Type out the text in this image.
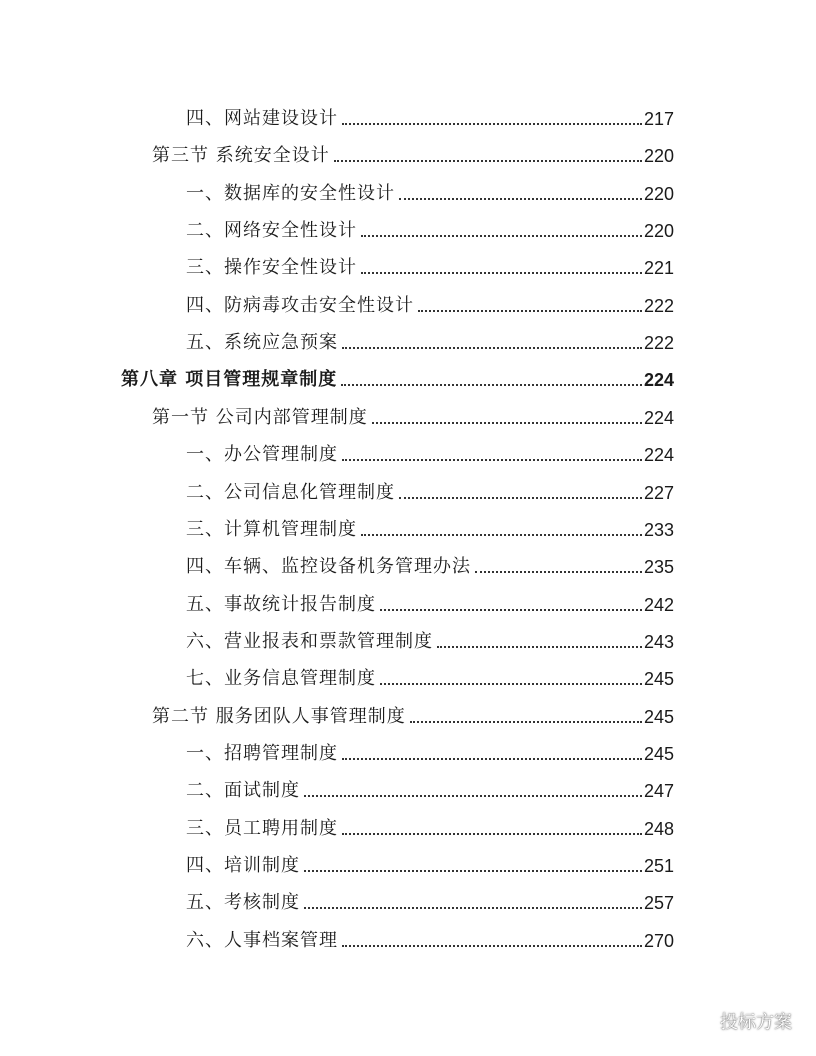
四、网站建设设计	217
第三节 系统安全设计	220
一、数据库的安全性设计	220
二、网络安全性设计	220
三、操作安全性设计	221
四、防病毒攻击安全性设计	222
五、系统应急预案	222
第八章 项目管理规章制度	224
第一节 公司内部管理制度	224
一、办公管理制度	224
二、公司信息化管理制度	227
三、计算机管理制度	233
四、车辆、监控设备机务管理办法	235
五、事故统计报告制度	242
六、营业报表和票款管理制度	243
七、业务信息管理制度	245
第二节 服务团队人事管理制度	245
一、招聘管理制度	245
二、面试制度	247
三、员工聘用制度	248
四、培训制度	251
五、考核制度	257
六、人事档案管理	270
投标方案
